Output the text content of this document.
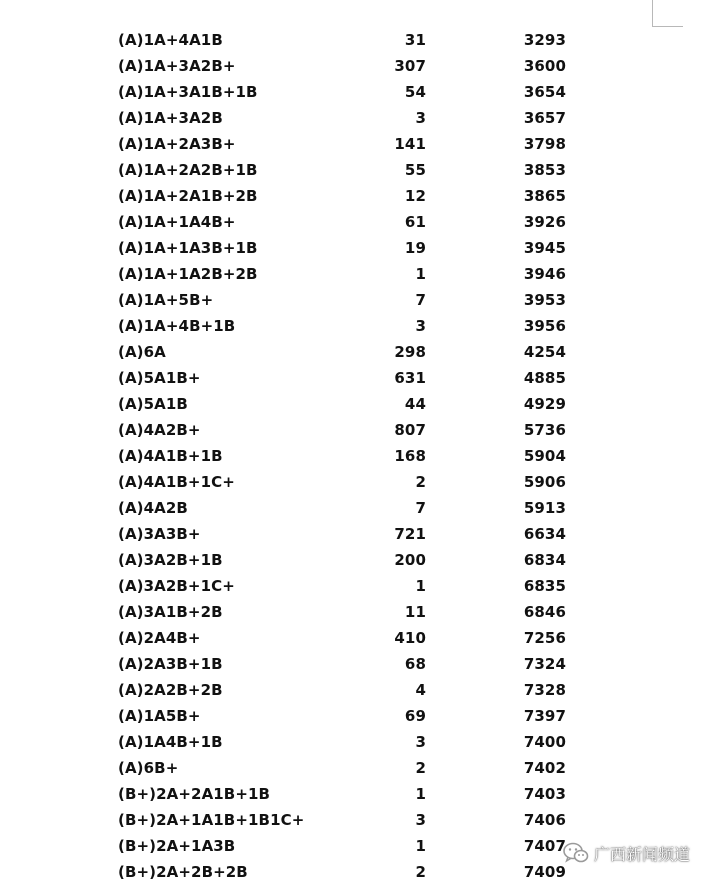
(A)1A+4A1B	31	3293
(A)1A+3A2B+	307	3600
(A)1A+3A1B+1B	54	3654
(A)1A+3A2B	3	3657
(A)1A+2A3B+	141	3798
(A)1A+2A2B+1B	55	3853
(A)1A+2A1B+2B	12	3865
(A)1A+1A4B+	61	3926
(A)1A+1A3B+1B	19	3945
(A)1A+1A2B+2B	1	3946
(A)1A+5B+	7	3953
(A)1A+4B+1B	3	3956
(A)6A	298	4254
(A)5A1B+	631	4885
(A)5A1B	44	4929
(A)4A2B+	807	5736
(A)4A1B+1B	168	5904
(A)4A1B+1C+	2	5906
(A)4A2B	7	5913
(A)3A3B+	721	6634
(A)3A2B+1B	200	6834
(A)3A2B+1C+	1	6835
(A)3A1B+2B	11	6846
(A)2A4B+	410	7256
(A)2A3B+1B	68	7324
(A)2A2B+2B	4	7328
(A)1A5B+	69	7397
(A)1A4B+1B	3	7400
(A)6B+	2	7402
(B+)2A+2A1B+1B	1	7403
(B+)2A+1A1B+1B1C+	3	7406
(B+)2A+1A3B	1	7407
(B+)2A+2B+2B	2	7409
广西新闻频道
